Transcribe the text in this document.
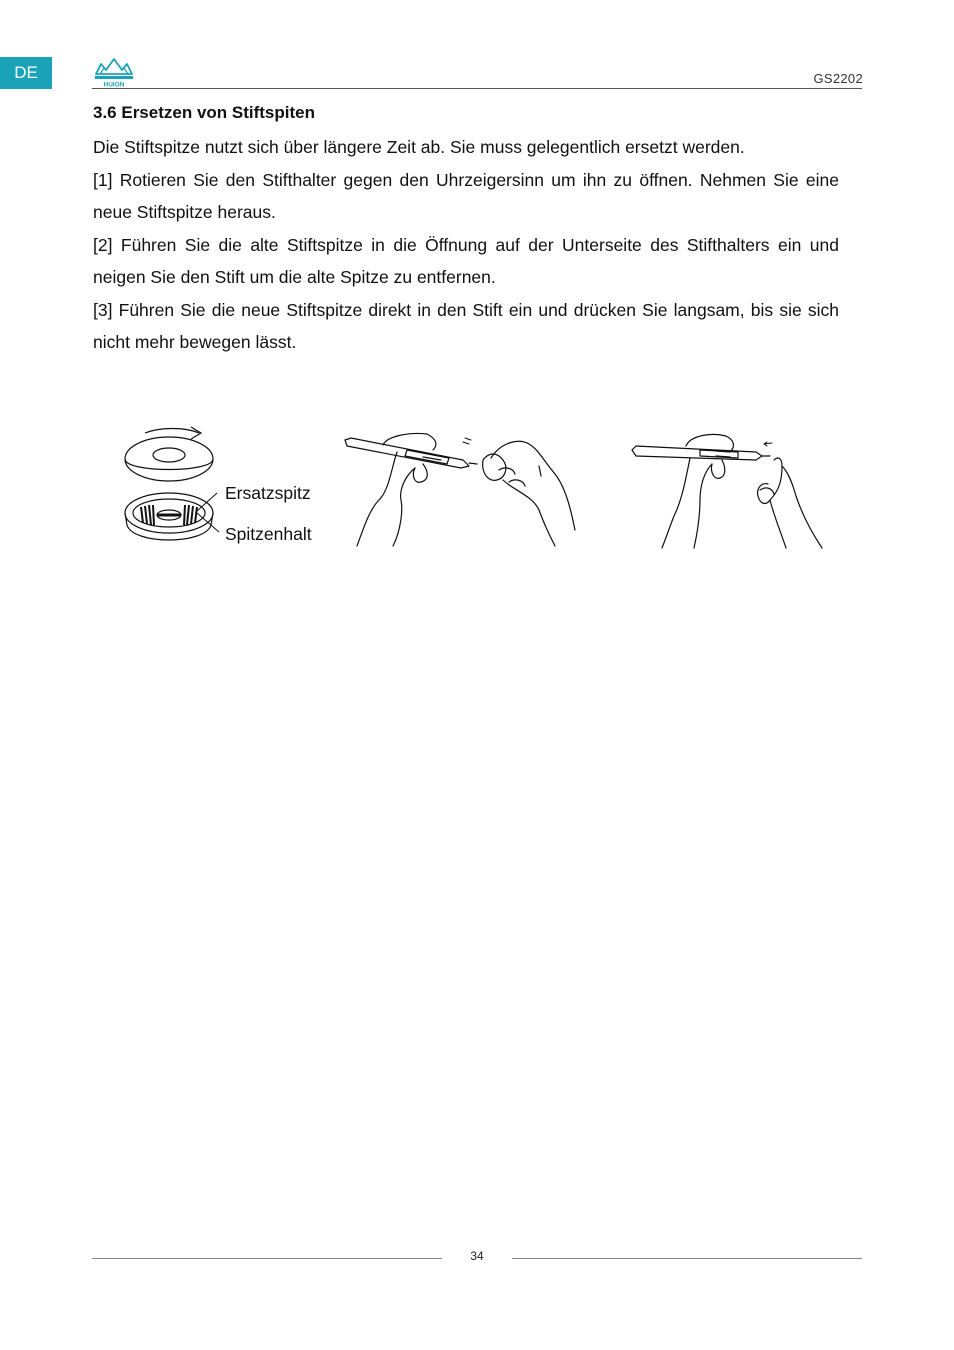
DE
HUION	GS2202
3.6 Ersetzen von Stiftspiten

Die Stiftspitze nutzt sich über längere Zeit ab. Sie muss gelegentlich ersetzt werden.

[1] Rotieren Sie den Stifthalter gegen den Uhrzeigersinn um ihn zu öffnen. Nehmen Sie eine neue Stiftspitze heraus.

[2] Führen Sie die alte Stiftspitze in die Öffnung auf der Unterseite des Stifthalters ein und neigen Sie den Stift um die alte Spitze zu entfernen.

[3] Führen Sie die neue Stiftspitze direkt in den Stift ein und drücken Sie langsam, bis sie sich nicht mehr bewegen lässt.

Ersatzspitz
Spitzenhalt
34
